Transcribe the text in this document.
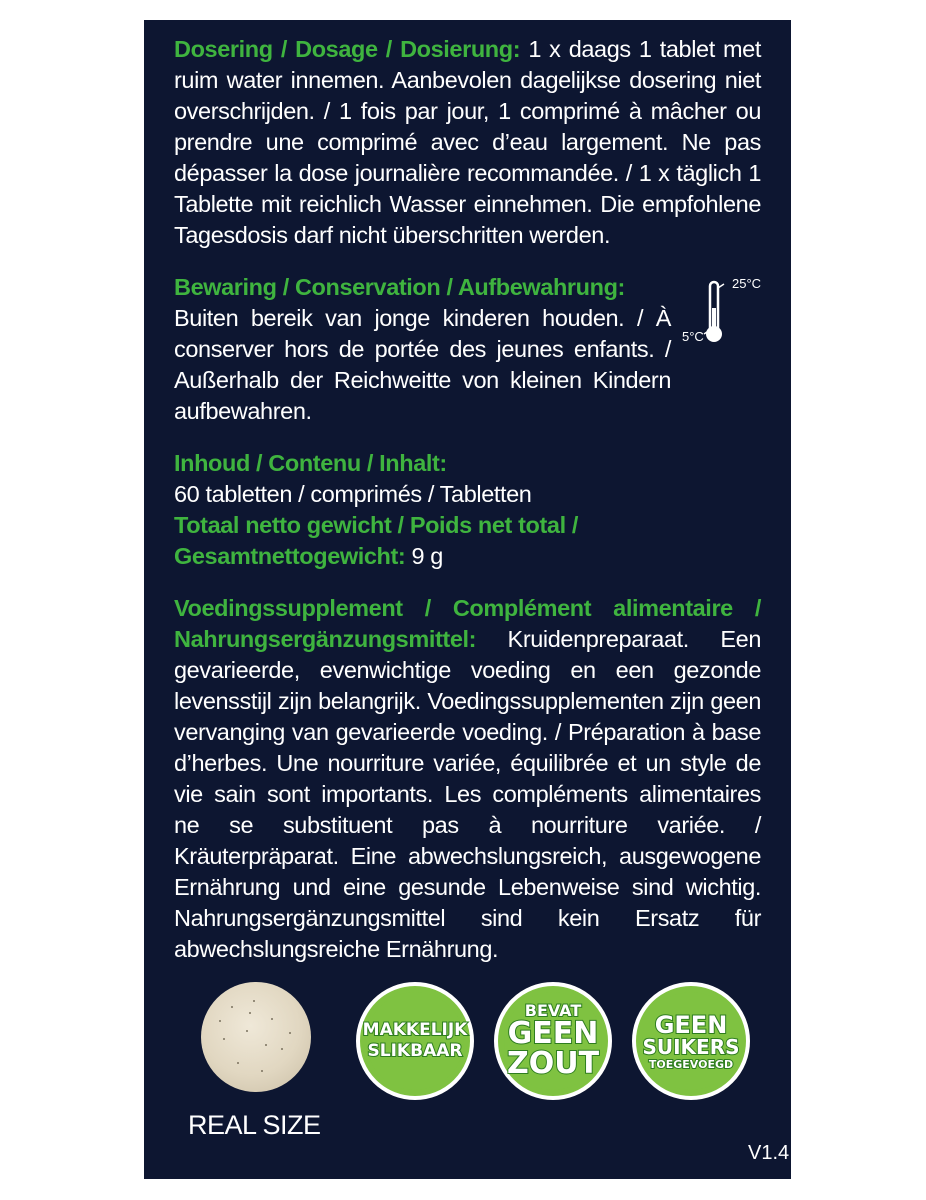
Dosering / Dosage / Dosierung: 1 x daags 1 tablet met ruim water innemen. Aanbevolen dagelijkse dosering niet overschrijden. / 1 fois par jour, 1 comprimé à mâcher ou prendre une comprimé avec d’eau largement. Ne pas dépasser la dose journalière recommandée. / 1 x täglich 1 Tablette mit reichlich Wasser einnehmen. Die empfohlene Tagesdosis darf nicht überschritten werden.

Bewaring / Conservation / Aufbewahrung:

Buiten bereik van jonge kinderen houden. / À conserver hors de portée des jeunes enfants. / Außerhalb der Reichweitte von kleinen Kindern aufbewahren.

Inhoud / Contenu / Inhalt:

60 tabletten / comprimés / Tabletten

Totaal netto gewicht / Poids net total / Gesamtnettogewicht: 9 g

Voedingssupplement / Complément alimentaire / Nahrungsergänzungsmittel: Kruidenpreparaat. Een gevarieerde, evenwichtige voeding en een gezonde levensstijl zijn belangrijk. Voedingssupplementen zijn geen vervanging van gevarieerde voeding. / Préparation à base d’herbes. Une nourriture variée, équilibrée et un style de vie sain sont importants. Les compléments alimentaires ne se substituent pas à nourriture variée. / Kräuterpräparat. Eine abwechslungsreich, ausgewogene Ernährung und eine gesunde Lebenweise sind wichtig. Nahrungsergänzungsmittel sind kein Ersatz für abwechslungsreiche Ernährung.

25°C
5°C
MAKKELIJK
SLIKBAAR
BEVAT
GEEN
ZOUT
GEEN
SUIKERS
TOEGEVOEGD
REAL SIZE
V1.4
